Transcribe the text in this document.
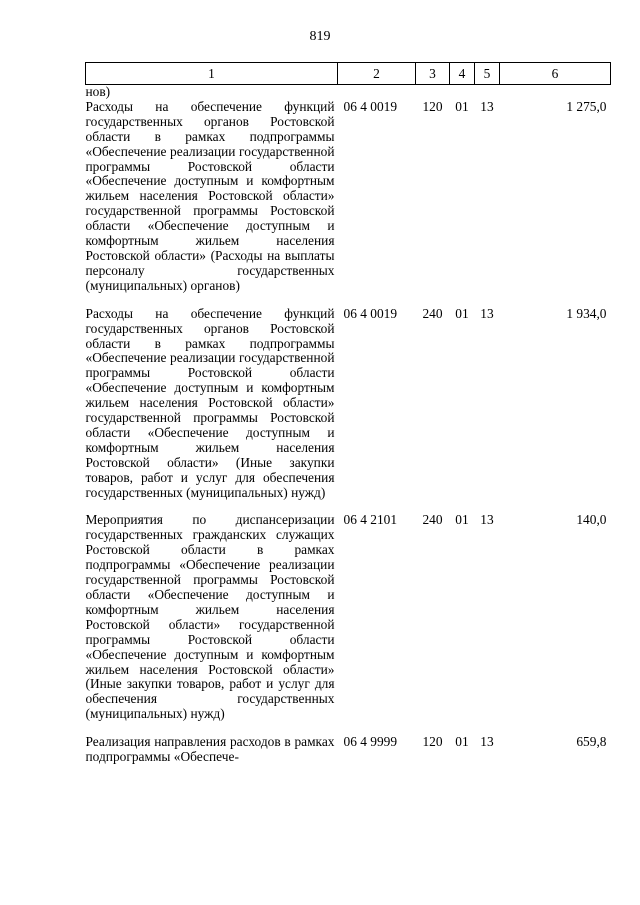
819
1	2	3	4	5	6
нов)					
Расходы на обеспечение функций государственных органов Ростовской области в рамках подпрограммы «Обеспечение реализации государственной программы Ростовской области «Обеспечение доступным и комфортным жильем населения Ростовской области» государственной программы Ростовской области «Обеспечение доступным и комфортным жильем населения Ростовской области» (Расходы на выплаты персоналу государственных (муниципальных) органов)	06 4 0019	120	01	13	1 275,0

Расходы на обеспечение функций государственных органов Ростовской области в рамках подпрограммы «Обеспечение реализации государственной программы Ростовской области «Обеспечение доступным и комфортным жильем населения Ростовской области» государственной программы Ростовской области «Обеспечение доступным и комфортным жильем населения Ростовской области» (Иные закупки товаров, работ и услуг для обеспечения государственных (муниципальных) нужд)	06 4 0019	240	01	13	1 934,0

Мероприятия по диспансеризации государственных гражданских служащих Ростовской области в рамках подпрограммы «Обеспечение реализации государственной программы Ростовской области «Обеспечение доступным и комфортным жильем населения Ростовской области» государственной программы Ростовской области «Обеспечение доступным и комфортным жильем населения Ростовской области» (Иные закупки товаров, работ и услуг для обеспечения государственных (муниципальных) нужд)	06 4 2101	240	01	13	140,0

Реализация направления расходов в рамках подпрограммы «Обеспече-	06 4 9999	120	01	13	659,8
